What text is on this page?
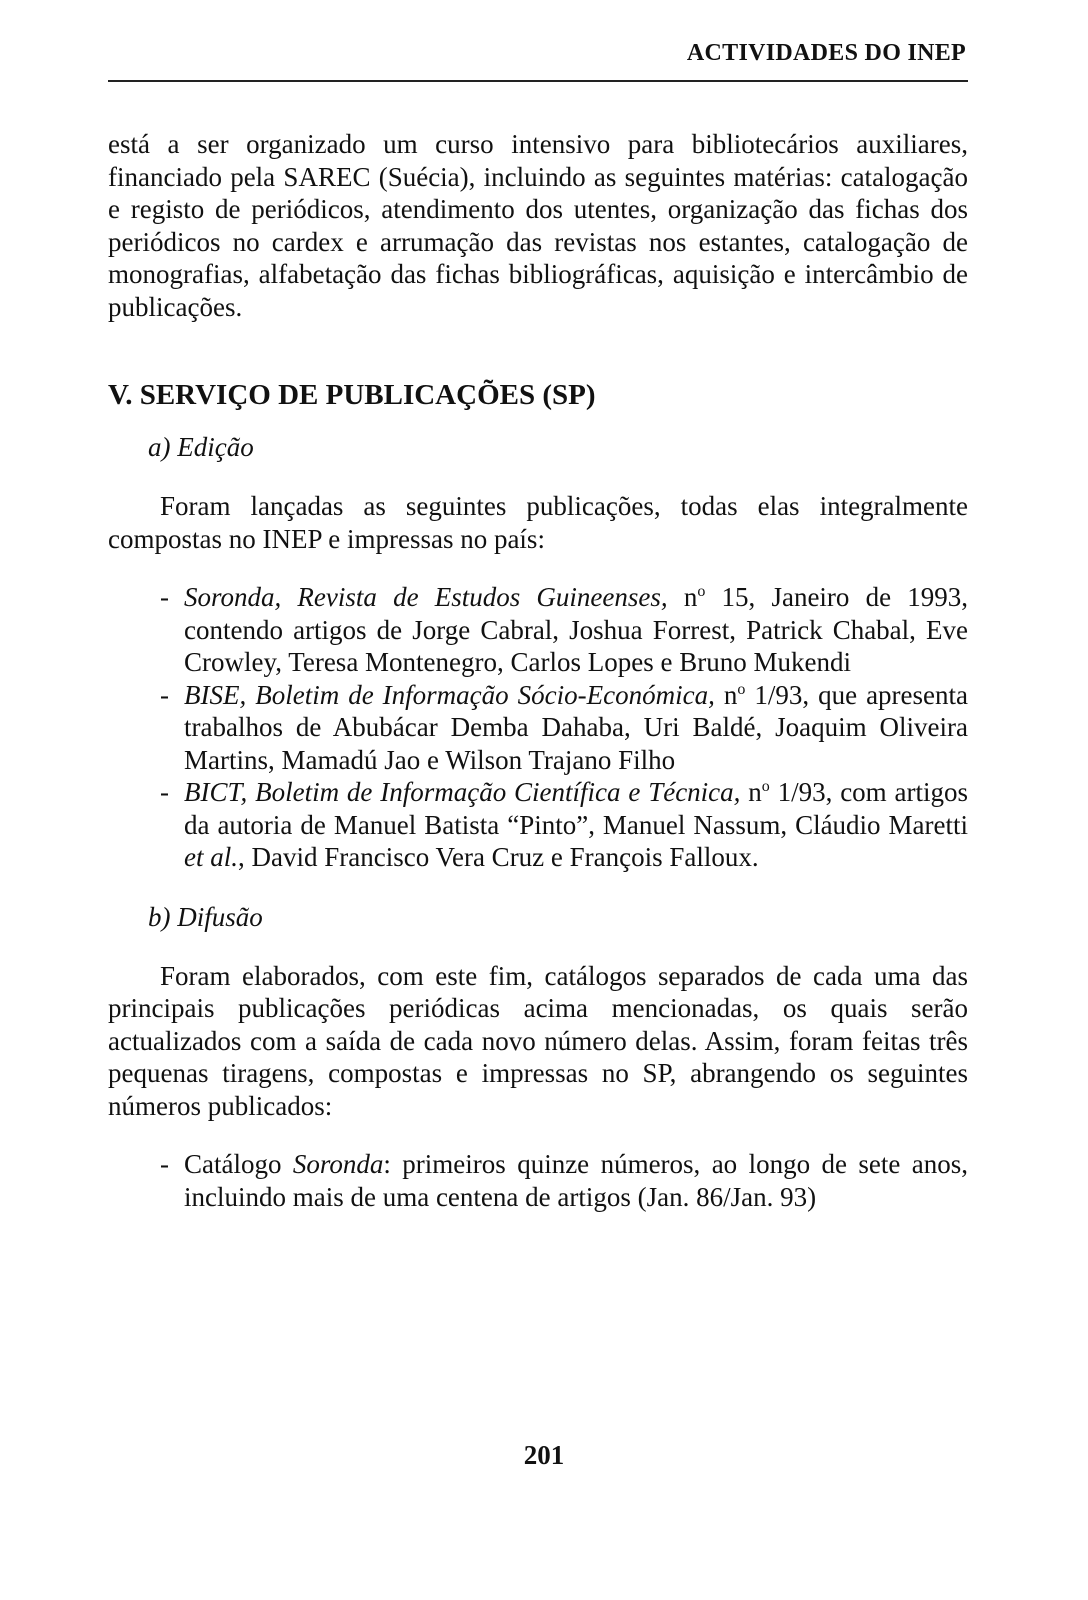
ACTIVIDADES DO INEP

está a ser organizado um curso intensivo para bibliotecários auxiliares, financiado pela SAREC (Suécia), incluindo as seguintes matérias: catalogação e registo de periódicos, atendimento dos utentes, organização das fichas dos periódicos no cardex e arrumação das revistas nos estantes, catalogação de monografias, alfabetação das fichas bibliográficas, aquisição e intercâmbio de publicações.

V. SERVIÇO DE PUBLICAÇÕES (SP)
a) Edição

Foram lançadas as seguintes publicações, todas elas integralmente compostas no INEP e impressas no país:

- Soronda, Revista de Estudos Guineenses, $n^o$ 15, Janeiro de 1993, contendo artigos de Jorge Cabral, Joshua Forrest, Patrick Chabal, Eve Crowley, Teresa Montenegro, Carlos Lopes e Bruno Mukendi
- BISE, Boletim de Informação Sócio-Económica, $n^o$ 1/93, que apresenta trabalhos de Abubácar Demba Dahaba, Uri Baldé, Joaquim Oliveira Martins, Mamadú Jao e Wilson Trajano Filho
- BICT, Boletim de Informação Científica e Técnica, $n^o$ 1/93, com artigos da autoria de Manuel Batista “Pinto”, Manuel Nassum, Cláudio Maretti et al., David Francisco Vera Cruz e François Falloux.
b) Difusão

Foram elaborados, com este fim, catálogos separados de cada uma das principais publicações periódicas acima mencionadas, os quais serão actualizados com a saída de cada novo número delas. Assim, foram feitas três pequenas tiragens, compostas e impressas no SP, abrangendo os seguintes números publicados:

- Catálogo Soronda: primeiros quinze números, ao longo de sete anos, incluindo mais de uma centena de artigos (Jan. 86/Jan. 93)
201
